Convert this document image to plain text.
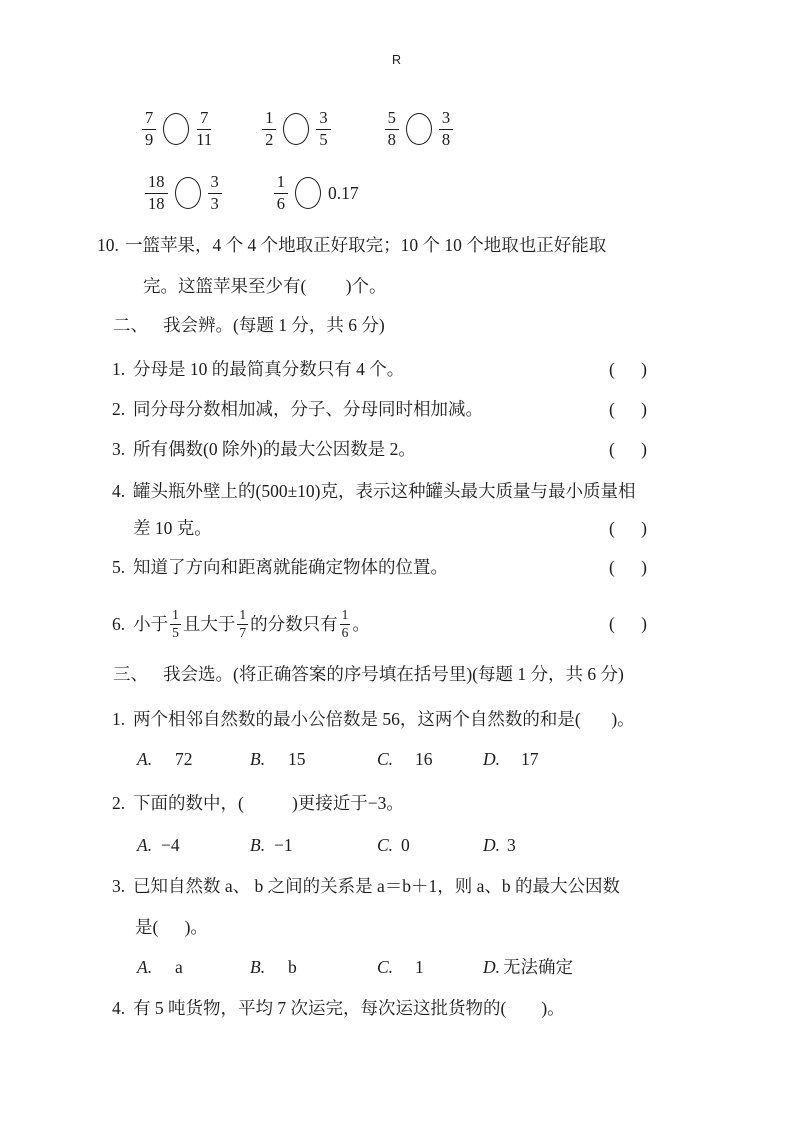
R
$\frac{7}{9} \frac{7}{11}$	$\frac{1}{2} \frac{3}{5}$	$\frac{5}{8} \frac{3}{8}$
$\frac{18}{18} \frac{3}{3}$	$\frac{1}{6} 0.17$
10. 一篮苹果，4 个 4 个地取正好取完；10 个 10 个地取也正好能取
完。这篮苹果至少有(         )个。
二、 我会辨。(每题 1 分，共 6 分)
1. 分母是 10 的最简真分数只有 4 个。	( )
2. 同分母分数相加减，分子、分母同时相加减。	( )
3. 所有偶数(0 除外)的最大公因数是 2。	( )
4. 罐头瓶外壁上的(500±10)克，表示这种罐头最大质量与最小质量相
差 10 克。	( )
5. 知道了方向和距离就能确定物体的位置。	( )
6. 小于 $\frac{1}{5}$ 且大于 $\frac{1}{7}$ 的分数只有 $\frac{1}{6}$ 。	( )
三、 我会选。(将正确答案的序号填在括号里)(每题 1 分，共 6 分)
1. 两个相邻自然数的最小公倍数是 56，这两个自然数的和是(       )。
A. 72	B. 15	C. 16	D. 17
2. 下面的数中，(           )更接近于−3。
A. −4	B. −1	C. 0	D. 3
3. 已知自然数 a、 b 之间的关系是 a＝b＋1，则 a、b 的最大公因数
是(      )。
A. a	B. b	C. 1	D. 无法确定
4. 有 5 吨货物，平均 7 次运完，每次运这批货物的(        )。
